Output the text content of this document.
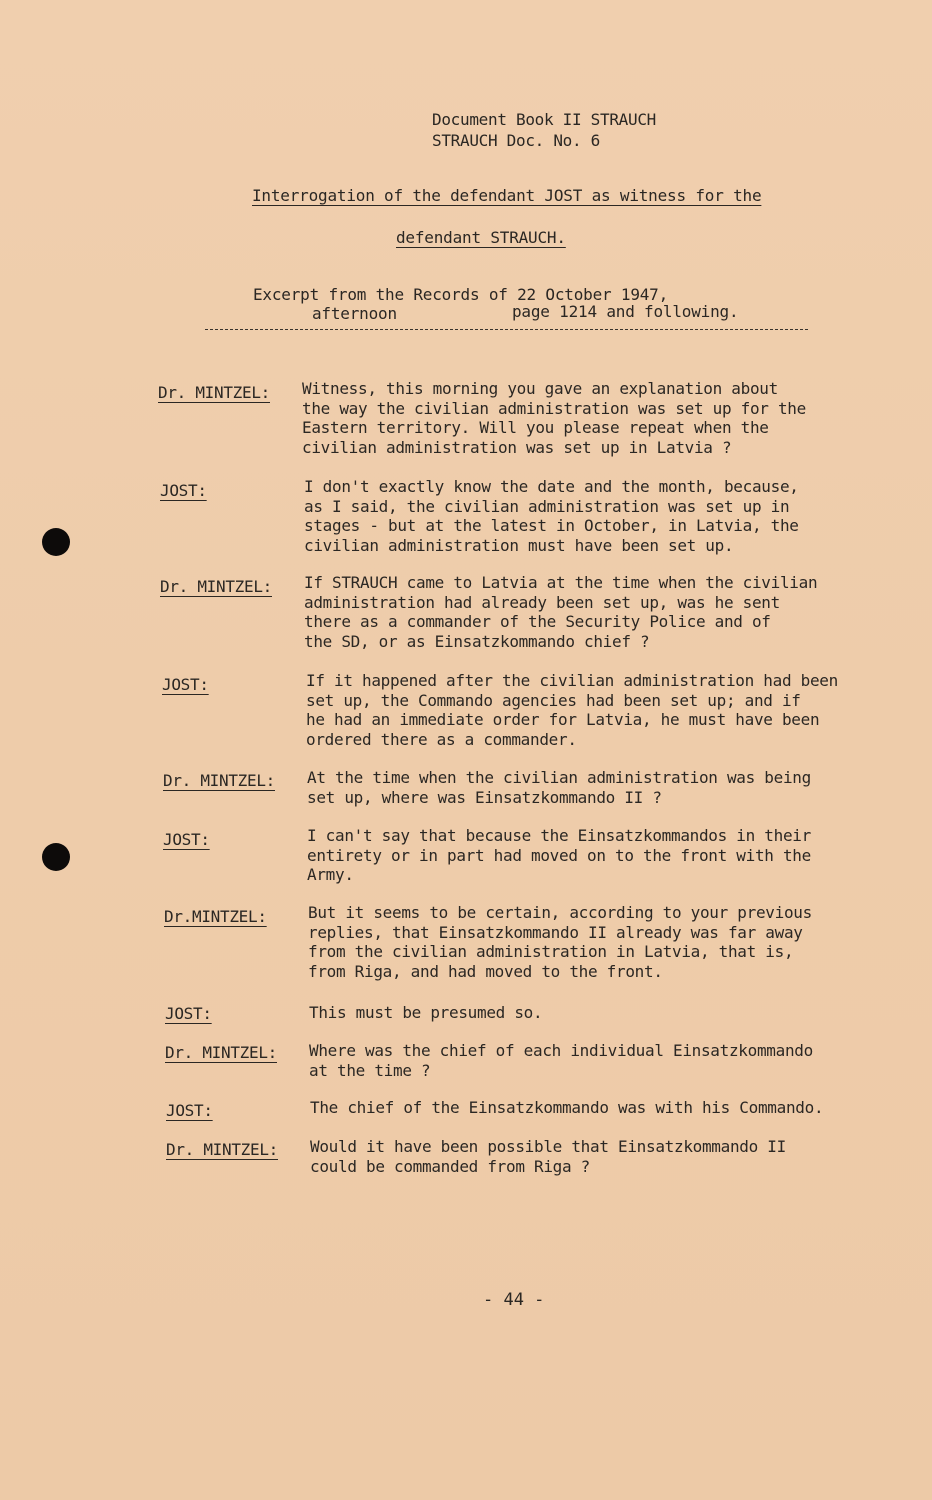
Document Book II STRAUCH
STRAUCH Doc. No. 6
Interrogation of the defendant JOST as witness for the
defendant STRAUCH.
Excerpt from the Records of 22 October 1947,
afternoon	page 1214 and following.
Dr. MINTZEL: Witness, this morning you gave an explanation about
the way the civilian administration was set up for the
Eastern territory. Will you please repeat when the
civilian administration was set up in Latvia ?
JOST:	I don't exactly know the date and the month, because,
as I said, the civilian administration was set up in
stages - but at the latest in October, in Latvia, the
civilian administration must have been set up.
Dr. MINTZEL: If STRAUCH came to Latvia at the time when the civilian
administration had already been set up, was he sent
there as a commander of the Security Police and of
the SD, or as Einsatzkommando chief ?
JOST:	If it happened after the civilian administration had been
set up, the Commando agencies had been set up; and if
he had an immediate order for Latvia, he must have been
ordered there as a commander.
Dr. MINTZEL: At the time when the civilian administration was being
set up, where was Einsatzkommando II ?
JOST:	I can't say that because the Einsatzkommandos in their
entirety or in part had moved on to the front with the
Army.
Dr.MINTZEL:	But it seems to be certain, according to your previous
replies, that Einsatzkommando II already was far away
from the civilian administration in Latvia, that is,
from Riga, and had moved to the front.
JOST:	This must be presumed so.
Dr. MINTZEL: Where was the chief of each individual Einsatzkommando
at the time ?
JOST:	The chief of the Einsatzkommando was with his Commando.
Dr. MINTZEL: Would it have been possible that Einsatzkommando II
could be commanded from Riga ?
- 44 -
